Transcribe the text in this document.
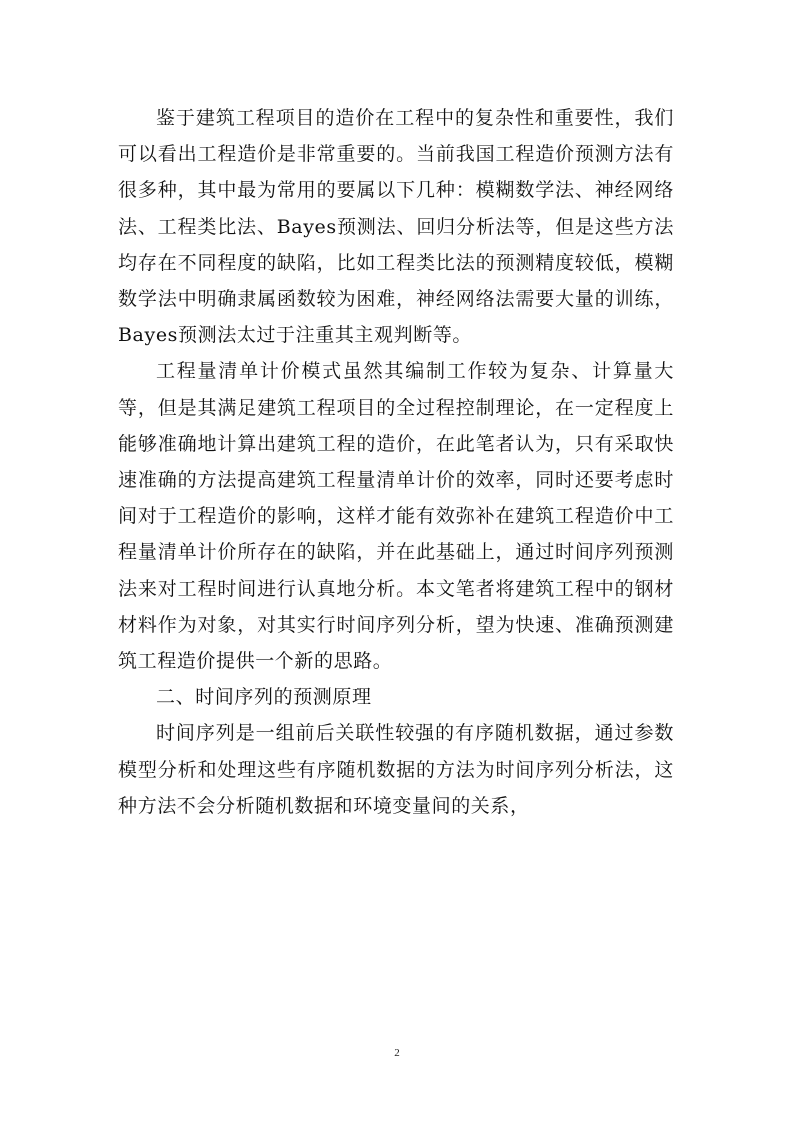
鉴于建筑工程项目的造价在工程中的复杂性和重要性，我们可以看出工程造价是非常重要的。当前我国工程造价预测方法有很多种，其中最为常用的要属以下几种：模糊数学法、神经网络法、工程类比法、Bayes预测法、回归分析法等，但是这些方法均存在不同程度的缺陷，比如工程类比法的预测精度较低，模糊数学法中明确隶属函数较为困难，神经网络法需要大量的训练，Bayes预测法太过于注重其主观判断等。

工程量清单计价模式虽然其编制工作较为复杂、计算量大等，但是其满足建筑工程项目的全过程控制理论，在一定程度上能够准确地计算出建筑工程的造价，在此笔者认为，只有采取快速准确的方法提高建筑工程量清单计价的效率，同时还要考虑时间对于工程造价的影响，这样才能有效弥补在建筑工程造价中工程量清单计价所存在的缺陷，并在此基础上，通过时间序列预测法来对工程时间进行认真地分析。本文笔者将建筑工程中的钢材材料作为对象，对其实行时间序列分析，望为快速、准确预测建筑工程造价提供一个新的思路。

二、时间序列的预测原理

时间序列是一组前后关联性较强的有序随机数据，通过参数模型分析和处理这些有序随机数据的方法为时间序列分析法，这种方法不会分析随机数据和环境变量间的关系，

2
